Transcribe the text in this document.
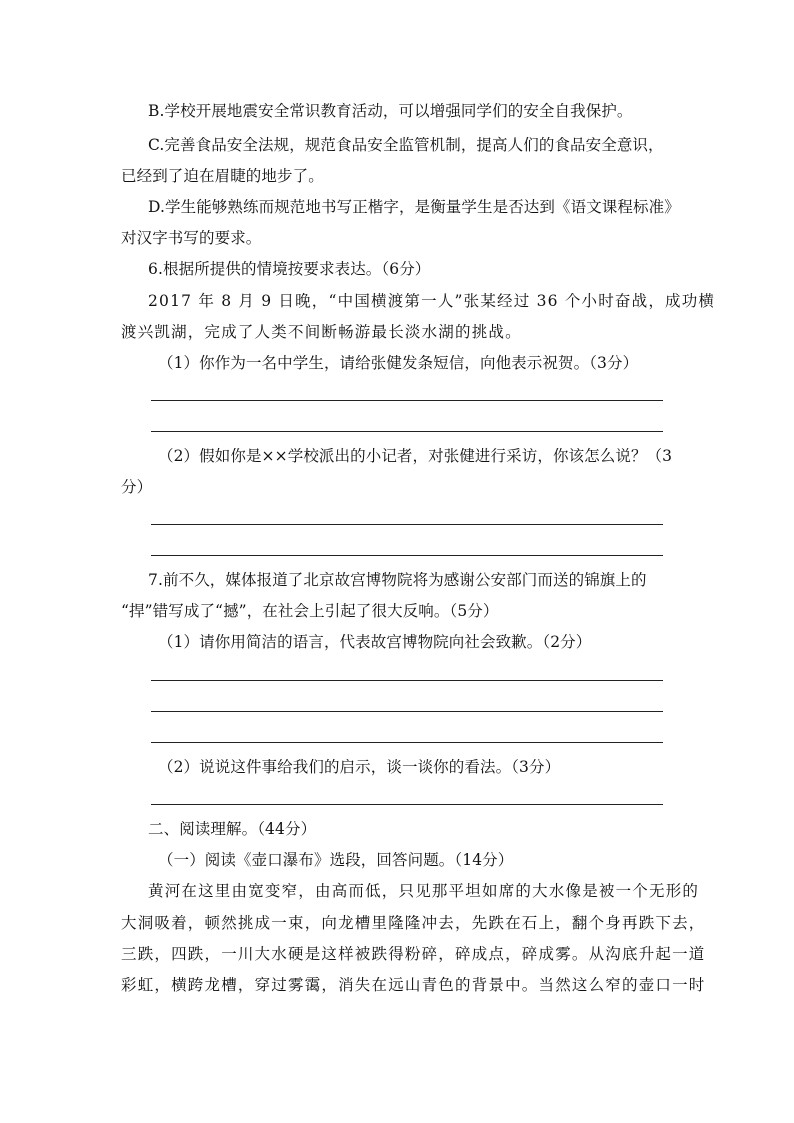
B.学校开展地震安全常识教育活动，可以增强同学们的安全自我保护。
C.完善食品安全法规，规范食品安全监管机制，提高人们的食品安全意识，
已经到了迫在眉睫的地步了。
D.学生能够熟练而规范地书写正楷字，是衡量学生是否达到《语文课程标准》
对汉字书写的要求。
6.根据所提供的情境按要求表达。（6分）
2017 年 8 月 9 日晚，“中国横渡第一人”张某经过 36 个小时奋战，成功横
渡兴凯湖，完成了人类不间断畅游最长淡水湖的挑战。
（1）你作为一名中学生，请给张健发条短信，向他表示祝贺。（3分）
（2）假如你是××学校派出的小记者，对张健进行采访，你该怎么说？（3
分）
7.前不久，媒体报道了北京故宫博物院将为感谢公安部门而送的锦旗上的
“捍”错写成了“撼”，在社会上引起了很大反响。（5分）
（1）请你用简洁的语言，代表故宫博物院向社会致歉。（2分）
（2）说说这件事给我们的启示，谈一谈你的看法。（3分）
二、阅读理解。（44分）
（一）阅读《壶口瀑布》选段，回答问题。（14分）
黄河在这里由宽变窄，由高而低，只见那平坦如席的大水像是被一个无形的
大洞吸着，顿然挑成一束，向龙槽里隆隆冲去，先跌在石上，翻个身再跌下去，
三跌，四跌，一川大水硬是这样被跌得粉碎，碎成点，碎成雾。从沟底升起一道
彩虹，横跨龙槽，穿过雾霭，消失在远山青色的背景中。当然这么窄的壶口一时
